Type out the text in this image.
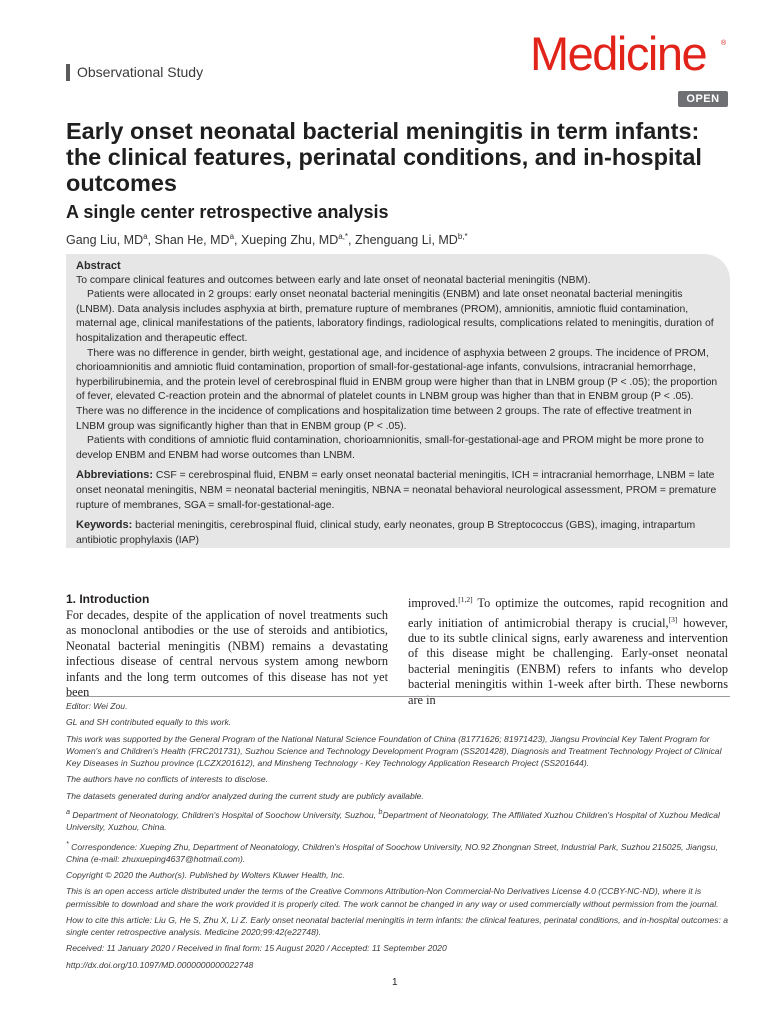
Observational Study	Medicine ®
OPEN
Early onset neonatal bacterial meningitis in term infants: the clinical features, perinatal conditions, and in-hospital outcomes
A single center retrospective analysis
Gang Liu, $MD^a$, Shan He, $MD^a$, Xueping Zhu, $MD^{a,*}$, Zhenguang Li, $MD^{b,*}$

Abstract

To compare clinical features and outcomes between early and late onset of neonatal bacterial meningitis (NBM).

Patients were allocated in 2 groups: early onset neonatal bacterial meningitis (ENBM) and late onset neonatal bacterial meningitis (LNBM). Data analysis includes asphyxia at birth, premature rupture of membranes (PROM), amnionitis, amniotic fluid contamination, maternal age, clinical manifestations of the patients, laboratory findings, radiological results, complications related to meningitis, duration of hospitalization and therapeutic effect.

There was no difference in gender, birth weight, gestational age, and incidence of asphyxia between 2 groups. The incidence of PROM, chorioamnionitis and amniotic fluid contamination, proportion of small-for-gestational-age infants, convulsions, intracranial hemorrhage, hyperbilirubinemia, and the protein level of cerebrospinal fluid in ENBM group were higher than that in LNBM group (P < .05); the proportion of fever, elevated C-reaction protein and the abnormal of platelet counts in LNBM group was higher than that in ENBM group (P < .05). There was no difference in the incidence of complications and hospitalization time between 2 groups. The rate of effective treatment in LNBM group was significantly higher than that in ENBM group (P < .05).

Patients with conditions of amniotic fluid contamination, chorioamnionitis, small-for-gestational-age and PROM might be more prone to develop ENBM and ENBM had worse outcomes than LNBM.

Abbreviations: CSF = cerebrospinal fluid, ENBM = early onset neonatal bacterial meningitis, ICH = intracranial hemorrhage, LNBM = late onset neonatal meningitis, NBM = neonatal bacterial meningitis, NBNA = neonatal behavioral neurological assessment, PROM = premature rupture of membranes, SGA = small-for-gestational-age.

Keywords: bacterial meningitis, cerebrospinal fluid, clinical study, early neonates, group B Streptococcus (GBS), imaging, intrapartum antibiotic prophylaxis (IAP)

1. Introduction

For decades, despite of the application of novel treatments such as monoclonal antibodies or the use of steroids and antibiotics, Neonatal bacterial meningitis (NBM) remains a devastating infectious disease of central nervous system among newborn infants and the long term outcomes of this disease has not yet been

improved.[1,2] To optimize the outcomes, rapid recognition and early initiation of antimicrobial therapy is crucial,[3] however, due to its subtle clinical signs, early awareness and intervention of this disease might be challenging. Early-onset neonatal bacterial meningitis (ENBM) refers to infants who develop bacterial meningitis within 1-week after birth. These newborns are in

Editor: Wei Zou.

GL and SH contributed equally to this work.

This work was supported by the General Program of the National Natural Science Foundation of China (81771626; 81971423), Jiangsu Provincial Key Talent Program for Women's and Children's Health (FRC201731), Suzhou Science and Technology Development Program (SS201428), Diagnosis and Treatment Technology Project of Clinical Key Diseases in Suzhou province (LCZX201612), and Minsheng Technology - Key Technology Application Research Project (SS201644).

The authors have no conflicts of interests to disclose.

The datasets generated during and/or analyzed during the current study are publicly available.

$^a$ Department of Neonatology, Children's Hospital of Soochow University, Suzhou, $^b$Department of Neonatology, The Affiliated Xuzhou Children's Hospital of Xuzhou Medical University, Xuzhou, China.

* Correspondence: Xueping Zhu, Department of Neonatology, Children's Hospital of Soochow University, NO.92 Zhongnan Street, Industrial Park, Suzhou 215025, Jiangsu, China (e-mail: zhuxueping4637@hotmail.com).

Copyright © 2020 the Author(s). Published by Wolters Kluwer Health, Inc.

This is an open access article distributed under the terms of the Creative Commons Attribution-Non Commercial-No Derivatives License 4.0 (CCBY-NC-ND), where it is permissible to download and share the work provided it is properly cited. The work cannot be changed in any way or used commercially without permission from the journal.

How to cite this article: Liu G, He S, Zhu X, Li Z. Early onset neonatal bacterial meningitis in term infants: the clinical features, perinatal conditions, and in-hospital outcomes: a single center retrospective analysis. Medicine 2020;99:42(e22748).

Received: 11 January 2020 / Received in final form: 15 August 2020 / Accepted: 11 September 2020

http://dx.doi.org/10.1097/MD.0000000000022748

1
